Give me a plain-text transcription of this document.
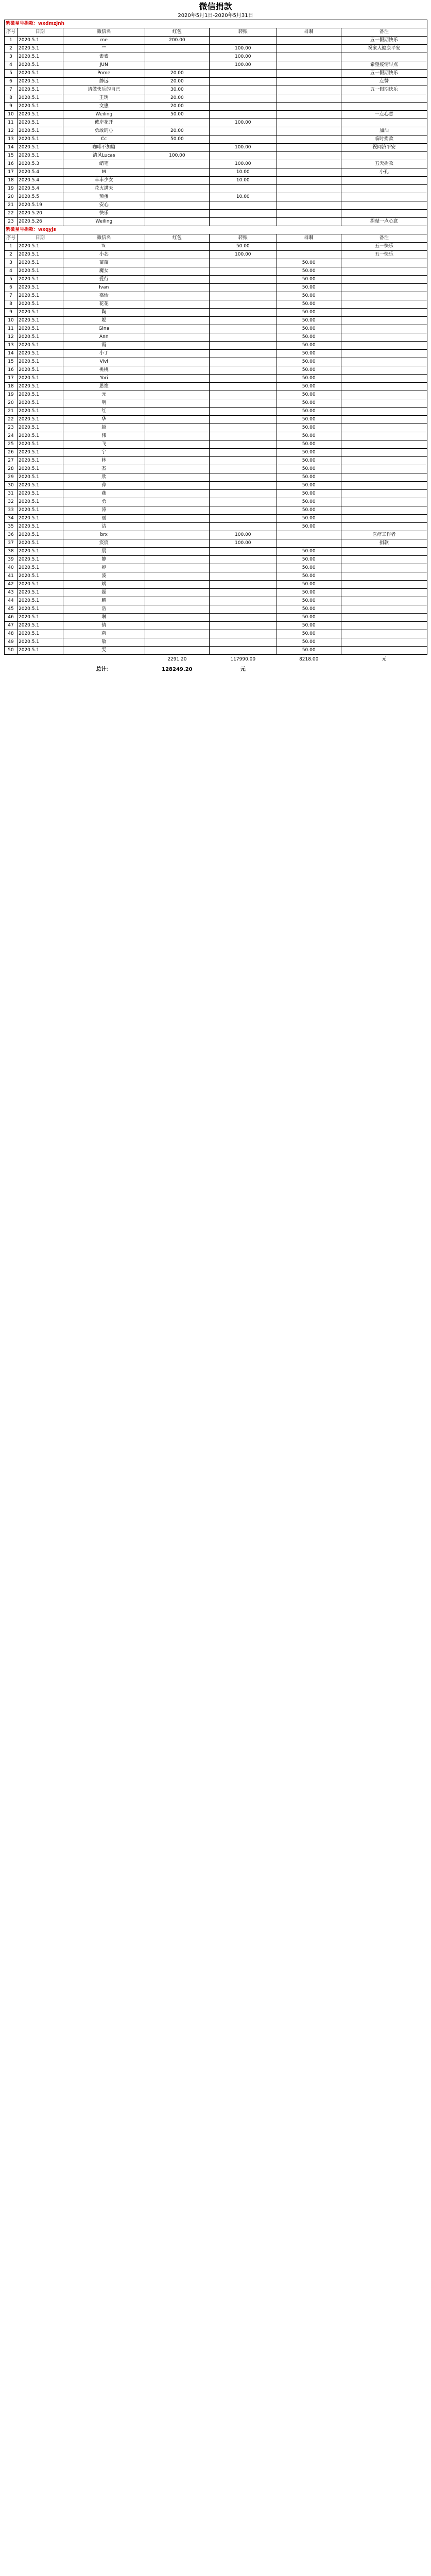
微信捐款
2020年5月1日-2020年5月31日
紫微星号捐款：wxdmzjnh						
序号	日期	微信名	红包	转账	群聊	备注
1	2020.5.1	me	200.00			五一假期快乐
2	2020.5.1	“”		100.00		祝家人健康平安
3	2020.5.1	素素		100.00		
4	2020.5.1	JUN		100.00		希望疫情早点
5	2020.5.1	Pome	20.00			五一假期快乐
6	2020.5.1	静远	20.00			点赞
7	2020.5.1	请做快乐的自己	30.00			五一假期快乐
8	2020.5.1	王玥	20.00			
9	2020.5.1	文惠	20.00			
10	2020.5.1	Weiling	50.00			一点心意
11	2020.5.1	彼岸花开		100.00		
12	2020.5.1	勇敢的心	20.00			加油
13	2020.5.1	Cc	50.00			临时捐款
14	2020.5.1	咖啡不加糖		100.00		祝同济平安
15	2020.5.1	清风Lucas	100.00			
16	2020.5.3	蜡笔		100.00		五天捐款
17	2020.5.4	M		10.00		小孔
18	2020.5.4	丰丰少女		10.00		
19	2020.5.4	花火满天				
20	2020.5.5	蒸蛋		10.00		
21	2020.5.19	安心				
22	2020.5.20	快乐				
23	2020.5.26	Weiling				捐献一点心意
紫微星号捐款：wxqyjs						
序号	日期	微信名	红包	转账	群聊	备注
1	2020.5.1	Tc		50.00		五一快乐
2	2020.5.1	小芯		100.00		五一快乐
3	2020.5.1	苗苗			50.00	
4	2020.5.1	魔女			50.00	
5	2020.5.1	爱行			50.00	
6	2020.5.1	Ivan			50.00	
7	2020.5.1	嘉怡			50.00	
8	2020.5.1	花花			50.00	
9	2020.5.1	陶			50.00	
10	2020.5.1	妮			50.00	
11	2020.5.1	Gina			50.00	
12	2020.5.1	Ann			50.00	
13	2020.5.1	霞			50.00	
14	2020.5.1	小丁			50.00	
15	2020.5.1	Vivi			50.00	
16	2020.5.1	桃桃			50.00	
17	2020.5.1	Yori			50.00	
18	2020.5.1	思维			50.00	
19	2020.5.1	元			50.00	
20	2020.5.1	明			50.00	
21	2020.5.1	红			50.00	
22	2020.5.1	华			50.00	
23	2020.5.1	超			50.00	
24	2020.5.1	伟			50.00	
25	2020.5.1	飞			50.00	
26	2020.5.1	宁			50.00	
27	2020.5.1	林			50.00	
28	2020.5.1	杰			50.00	
29	2020.5.1	欣			50.00	
30	2020.5.1	萍			50.00	
31	2020.5.1	燕			50.00	
32	2020.5.1	勇			50.00	
33	2020.5.1	涛			50.00	
34	2020.5.1	丽			50.00	
35	2020.5.1	洁			50.00	
36	2020.5.1	brx		100.00		医疗工作者
37	2020.5.1	宸宸		100.00		捐款
38	2020.5.1	晨			50.00	
39	2020.5.1	静			50.00	
40	2020.5.1	婷			50.00	
41	2020.5.1	波			50.00	
42	2020.5.1	斌			50.00	
43	2020.5.1	磊			50.00	
44	2020.5.1	鹏			50.00	
45	2020.5.1	浩			50.00	
46	2020.5.1	琳			50.00	
47	2020.5.1	倩			50.00	
48	2020.5.1	莉			50.00	
49	2020.5.1	敏			50.00	
50	2020.5.1	雯			50.00	
			2291.20	117990.00	8218.00	元
		总计：	128249.20	元		
